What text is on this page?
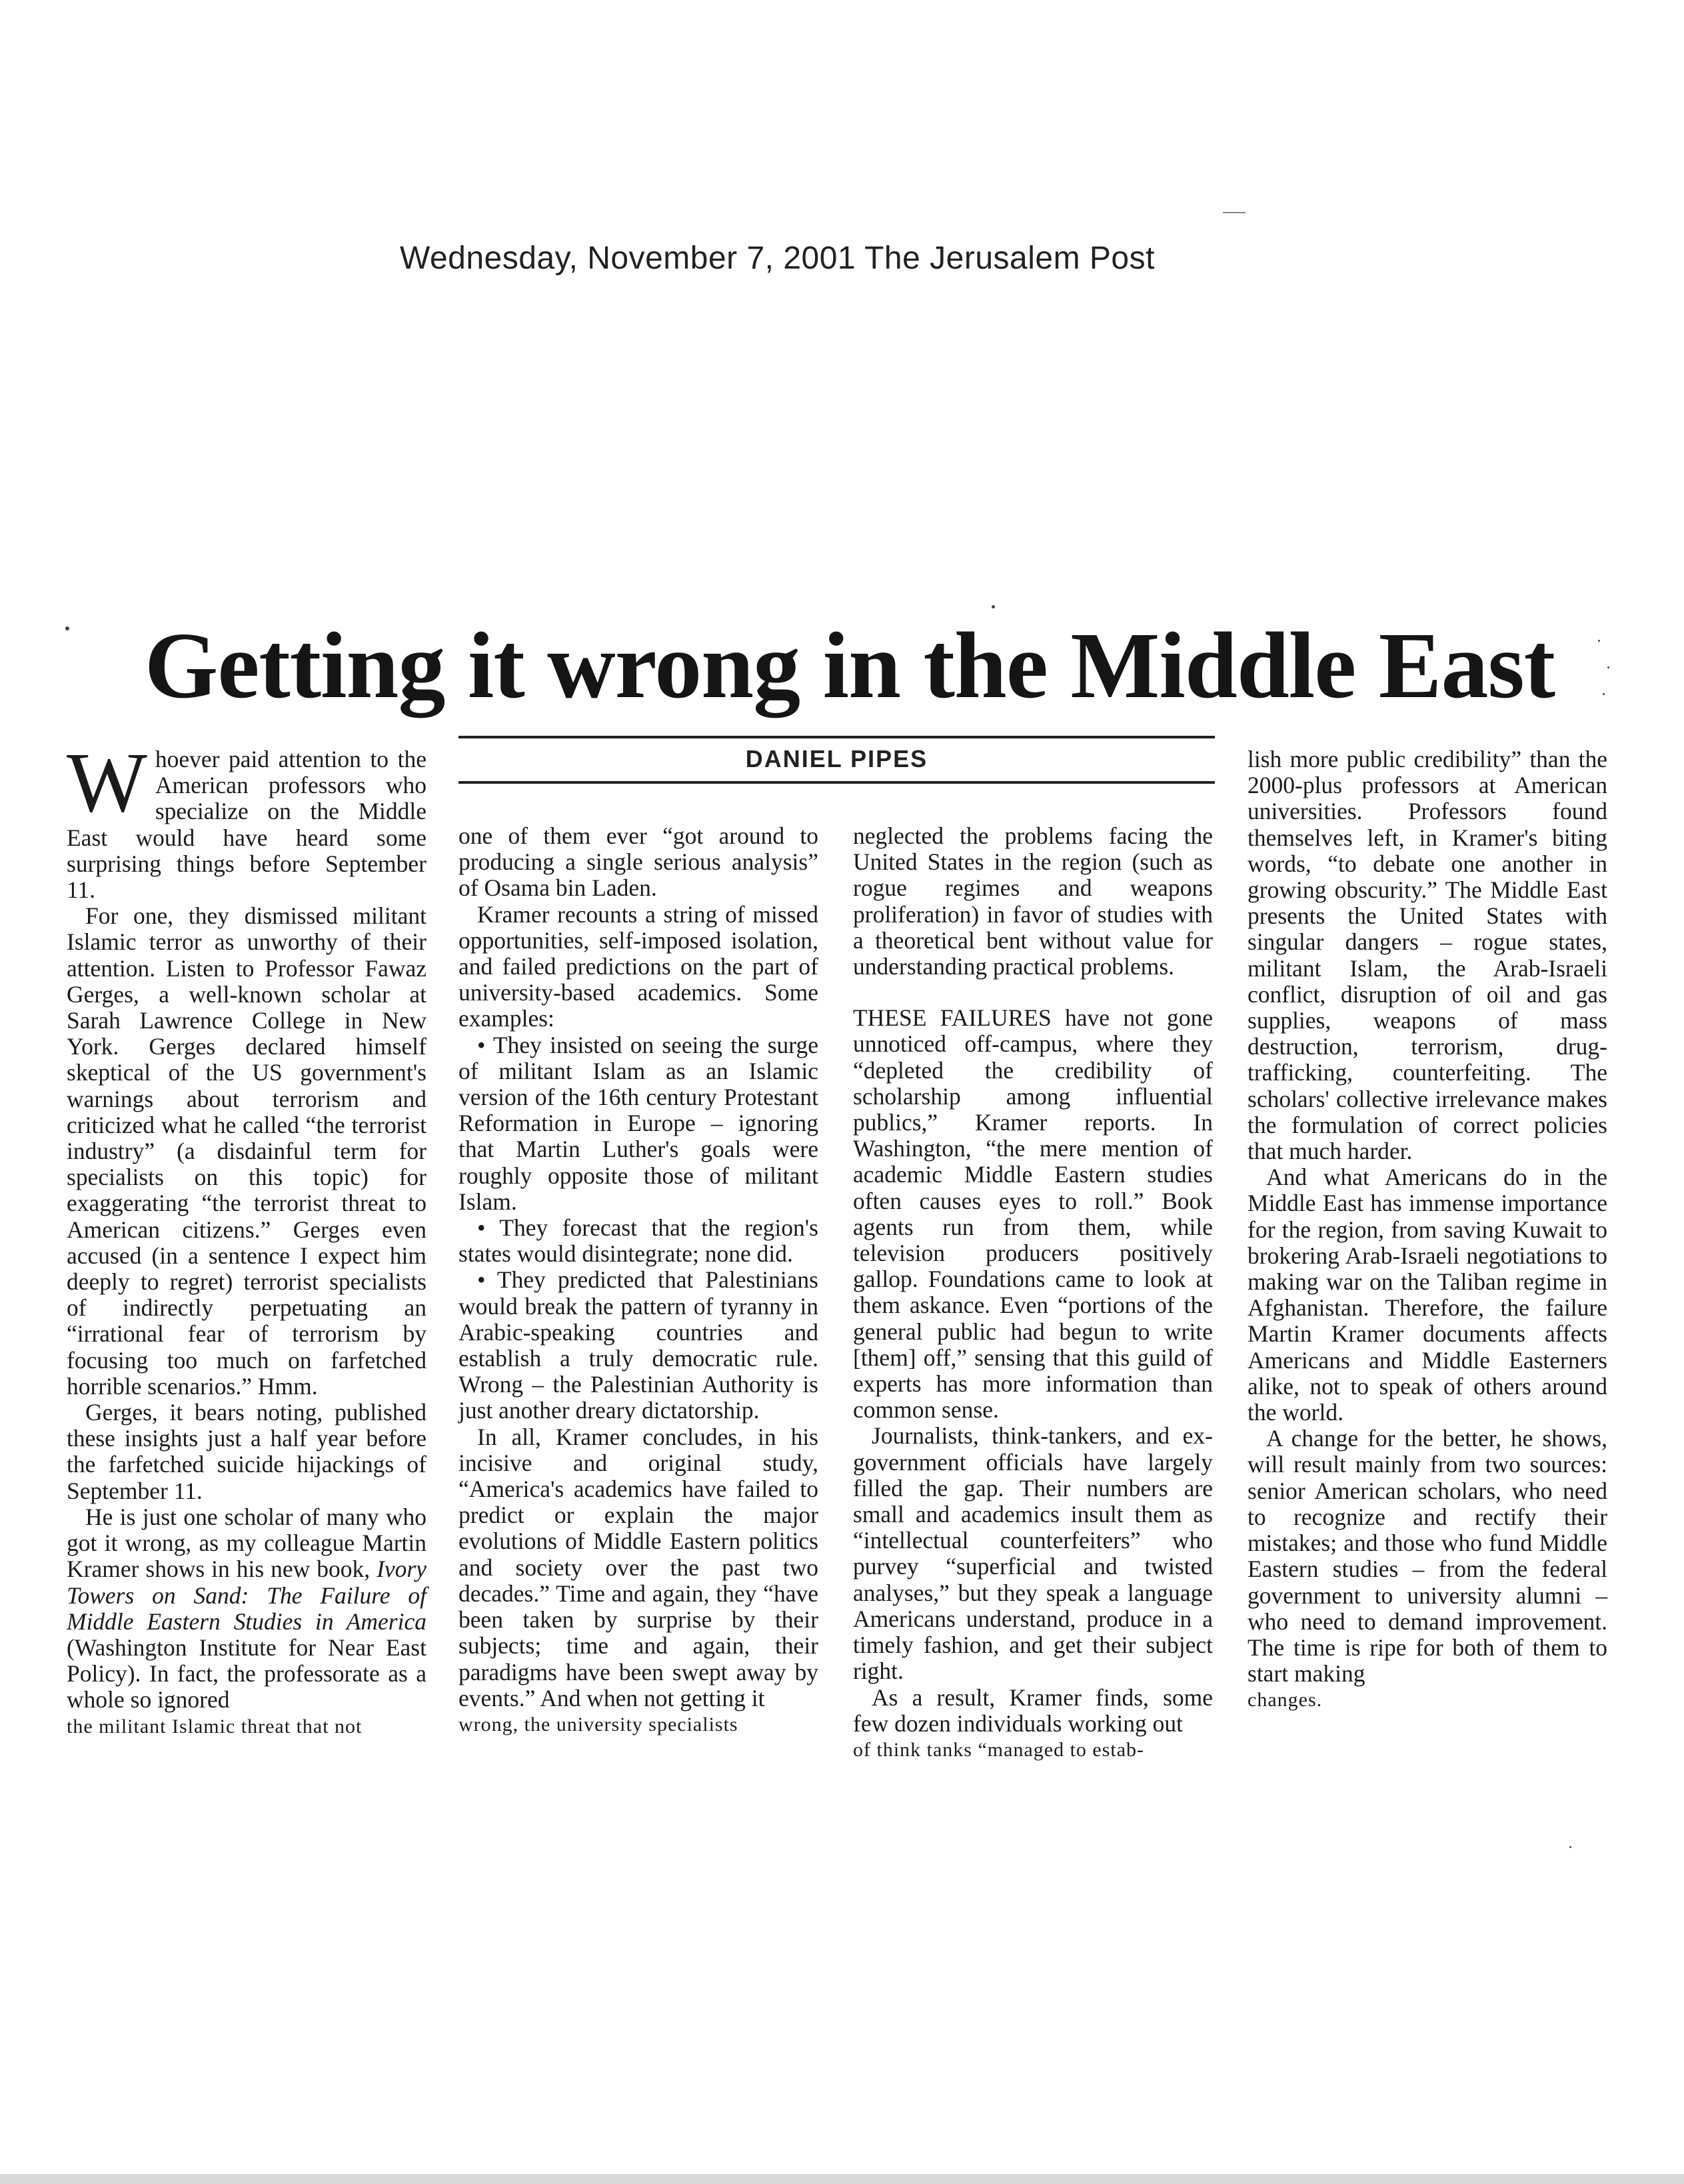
Wednesday, November 7, 2001 The Jerusalem Post
Getting it wrong in the Middle East
DANIEL PIPES

Whoever paid attention to the American professors who specialize on the Middle East would have heard some surprising things before September 11.

For one, they dismissed militant Islamic terror as unworthy of their attention. Listen to Professor Fawaz Gerges, a well-known scholar at Sarah Lawrence College in New York. Gerges declared himself skeptical of the US government's warnings about terrorism and criticized what he called “the terrorist industry” (a disdainful term for specialists on this topic) for exaggerating “the terrorist threat to American citizens.” Gerges even accused (in a sentence I expect him deeply to regret) terrorist specialists of indirectly perpetuating an “irrational fear of terrorism by focusing too much on farfetched horrible scenarios.” Hmm.

Gerges, it bears noting, published these insights just a half year before the farfetched suicide hijackings of September 11.

He is just one scholar of many who got it wrong, as my colleague Martin Kramer shows in his new book, Ivory Towers on Sand: The Failure of Middle Eastern Studies in America (Washington Institute for Near East Policy). In fact, the professorate as a whole so ignored

the militant Islamic threat that not

one of them ever “got around to producing a single serious analysis” of Osama bin Laden.

Kramer recounts a string of missed opportunities, self-imposed isolation, and failed predictions on the part of university-based academics. Some examples:

• They insisted on seeing the surge of militant Islam as an Islamic version of the 16th century Protestant Reformation in Europe – ignoring that Martin Luther's goals were roughly opposite those of militant Islam.

• They forecast that the region's states would disintegrate; none did.

• They predicted that Palestinians would break the pattern of tyranny in Arabic-speaking countries and establish a truly democratic rule. Wrong – the Palestinian Authority is just another dreary dictatorship.

In all, Kramer concludes, in his incisive and original study, “America's academics have failed to predict or explain the major evolutions of Middle Eastern politics and society over the past two decades.” Time and again, they “have been taken by surprise by their subjects; time and again, their paradigms have been swept away by events.” And when not getting it

wrong, the university specialists

neglected the problems facing the United States in the region (such as rogue regimes and weapons proliferation) in favor of studies with a theoretical bent without value for understanding practical problems.

THESE FAILURES have not gone unnoticed off-campus, where they “depleted the credibility of scholarship among influential publics,” Kramer reports. In Washington, “the mere mention of academic Middle Eastern studies often causes eyes to roll.” Book agents run from them, while television producers positively gallop. Foundations came to look at them askance. Even “portions of the general public had begun to write [them] off,” sensing that this guild of experts has more information than common sense.

Journalists, think-tankers, and ex-government officials have largely filled the gap. Their numbers are small and academics insult them as “intellectual counterfeiters” who purvey “superficial and twisted analyses,” but they speak a language Americans understand, produce in a timely fashion, and get their subject right.

As a result, Kramer finds, some few dozen individuals working out

of think tanks “managed to estab-

lish more public credibility” than the 2000-plus professors at American universities. Professors found themselves left, in Kramer's biting words, “to debate one another in growing obscurity.” The Middle East presents the United States with singular dangers – rogue states, militant Islam, the Arab-Israeli conflict, disruption of oil and gas supplies, weapons of mass destruction, terrorism, drug-trafficking, counterfeiting. The scholars' collective irrelevance makes the formulation of correct policies that much harder.

And what Americans do in the Middle East has immense importance for the region, from saving Kuwait to brokering Arab-Israeli negotiations to making war on the Taliban regime in Afghanistan. Therefore, the failure Martin Kramer documents affects Americans and Middle Easterners alike, not to speak of others around the world.

A change for the better, he shows, will result mainly from two sources: senior American scholars, who need to recognize and rectify their mistakes; and those who fund Middle Eastern studies – from the federal government to university alumni – who need to demand improvement. The time is ripe for both of them to start making

changes.
